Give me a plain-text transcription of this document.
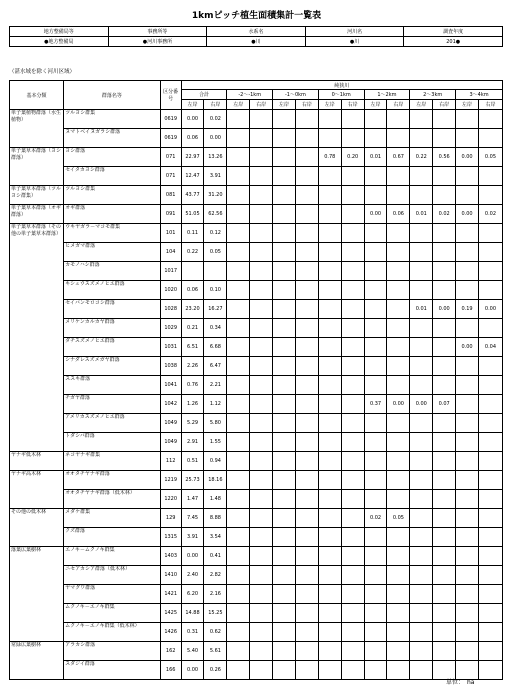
1kmピッチ植生面積集計一覧表
地方整備局等	事務所等	水系名	河川名	調査年度
●地方整備局	●河川事務所	●川	●川	201●
（湛水域を除く河川区域）
基本分類	群落名等	区分番号	純狭川													
			合計		-2～-1km		-1～0km		0～1km		1～2km		2～3km		3～4km	
			左岸	右岸	左岸	右岸	左岸	右岸	左岸	右岸	左岸	右岸	左岸	右岸	左岸	右岸
単子葉植物群落（水生植物）	ツルヨシ群集	0619	0.00	0.02												
	ヌマトベイヌガラシ群落	0619	0.06	0.00												
単子葉草本群落（ヨシ群落）	ヨシ群落	071	22.97	13.26					0.78	0.20	0.01	0.67	0.22	0.56	0.00	0.05
	セイタカヨシ群落	071	12.47	3.91												
単子葉草本群落（ツルヨシ群集）	ツルヨシ群集	081	43.77	31.20												
単子葉草本群落（オギ群落）	オギ群落	091	51.05	62.56							0.00	0.06	0.01	0.02	0.00	0.02
単子葉草本群落（その他の単子葉草本群落）	ウキヤガラ－マコモ群集	101	0.11	0.12												
	ヒメガマ群落	104	0.22	0.05												
	カモノハシ群落	1017														
	キシュウスズメノヒエ群落	1020	0.06	0.10												
	セイバンモロコシ群落	1028	23.20	16.27									0.01	0.00	0.19	0.00
	メリケンカルカヤ群落	1029	0.21	0.34												
	ダチスズメノヒエ群落	1031	6.51	6.68											0.00	0.04
	シナダレスズメガヤ群落	1038	2.26	6.47												
	ススキ群落	1041	0.76	2.21												
	チガヤ群落	1042	1.26	1.12							0.37	0.00	0.00	0.07		
	アメリカスズメノヒエ群落	1049	5.29	5.80												
	トダシバ群落	1049	2.91	1.55												
ヤナギ低木林	ネコヤナギ群集	112	0.51	0.94												
ヤナギ高木林	オオタチヤナギ群落	1219	25.73	18.16												
	オオタチヤナギ群落（低木林）	1220	1.47	1.48												
その他の低木林	メダケ群集	129	7.45	8.88							0.02	0.05				
	クズ群落	1315	3.91	3.54												
落葉広葉樹林	エノキ－ムクノキ群集	1403	0.00	0.41												
	ニセアカシア群落（低木林）	1410	2.40	2.82												
	ヤマグワ群落	1421	6.20	2.16												
	ムクノキ－エノキ群集	1425	14.88	15.25												
	ムクノキ－エノキ群集（低木林）	1426	0.31	0.62												
常緑広葉樹林	アラカシ群落	162	5.40	5.61												
	スダジイ群落	166	0.00	0.26												
単位：　ha
